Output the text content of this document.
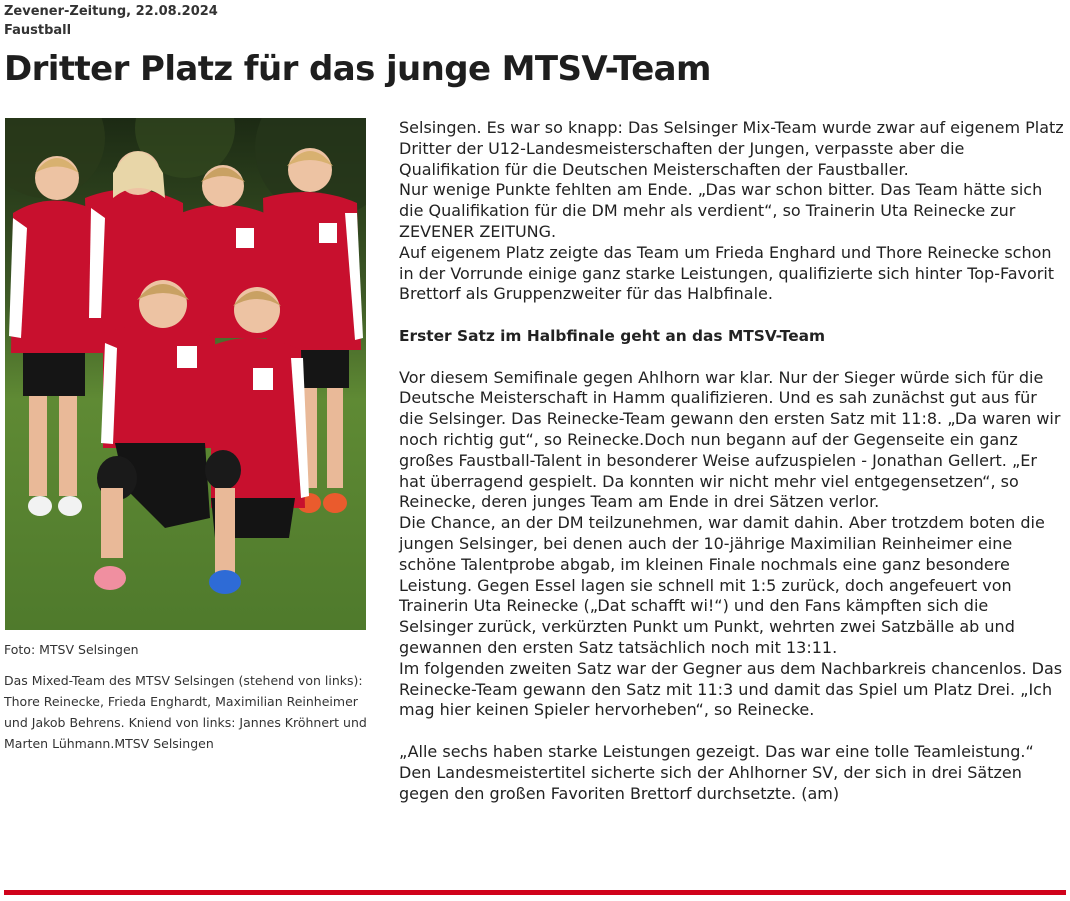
Zevener-Zeitung, 22.08.2024
Faustball
Dritter Platz für das junge MTSV-Team
Foto: MTSV Selsingen
Das Mixed-Team des MTSV Selsingen (stehend von links): Thore Reinecke, Frieda Enghardt, Maximilian Reinheimer und Jakob Behrens. Kniend von links: Jannes Kröhnert und Marten Lühmann.MTSV Selsingen

Selsingen. Es war so knapp: Das Selsinger Mix-Team wurde zwar auf eigenem Platz Dritter der U12-Landesmeisterschaften der Jungen, verpasste aber die Qualifikation für die Deutschen Meisterschaften der Faustballer.

Nur wenige Punkte fehlten am Ende. „Das war schon bitter. Das Team hätte sich die Qualifikation für die DM mehr als verdient“, so Trainerin Uta Reinecke zur ZEVENER ZEITUNG.

Auf eigenem Platz zeigte das Team um Frieda Enghard und Thore Reinecke schon in der Vorrunde einige ganz starke Leistungen, qualifizierte sich hinter Top-Favorit Brettorf als Gruppenzweiter für das Halbfinale.

Erster Satz im Halbfinale geht an das MTSV-Team

Vor diesem Semifinale gegen Ahlhorn war klar. Nur der Sieger würde sich für die Deutsche Meisterschaft in Hamm qualifizieren. Und es sah zunächst gut aus für die Selsinger. Das Reinecke-Team gewann den ersten Satz mit 11:8. „Da waren wir noch richtig gut“, so Reinecke.Doch nun begann auf der Gegenseite ein ganz großes Faustball-Talent in besonderer Weise aufzuspielen - Jonathan Gellert. „Er hat überragend gespielt. Da konnten wir nicht mehr viel entgegensetzen“, so Reinecke, deren junges Team am Ende in drei Sätzen verlor.

Die Chance, an der DM teilzunehmen, war damit dahin. Aber trotzdem boten die jungen Selsinger, bei denen auch der 10-jährige Maximilian Reinheimer eine schöne Talentprobe abgab, im kleinen Finale nochmals eine ganz besondere Leistung. Gegen Essel lagen sie schnell mit 1:5 zurück, doch angefeuert von Trainerin Uta Reinecke („Dat schafft wi!“) und den Fans kämpften sich die Selsinger zurück, verkürzten Punkt um Punkt, wehrten zwei Satzbälle ab und gewannen den ersten Satz tatsächlich noch mit 13:11.

Im folgenden zweiten Satz war der Gegner aus dem Nachbarkreis chancenlos. Das Reinecke-Team gewann den Satz mit 11:3 und damit das Spiel um Platz Drei. „Ich mag hier keinen Spieler hervorheben“, so Reinecke.

„Alle sechs haben starke Leistungen gezeigt. Das war eine tolle Teamleistung.“ Den Landesmeistertitel sicherte sich der Ahlhorner SV, der sich in drei Sätzen gegen den großen Favoriten Brettorf durchsetzte. (am)
